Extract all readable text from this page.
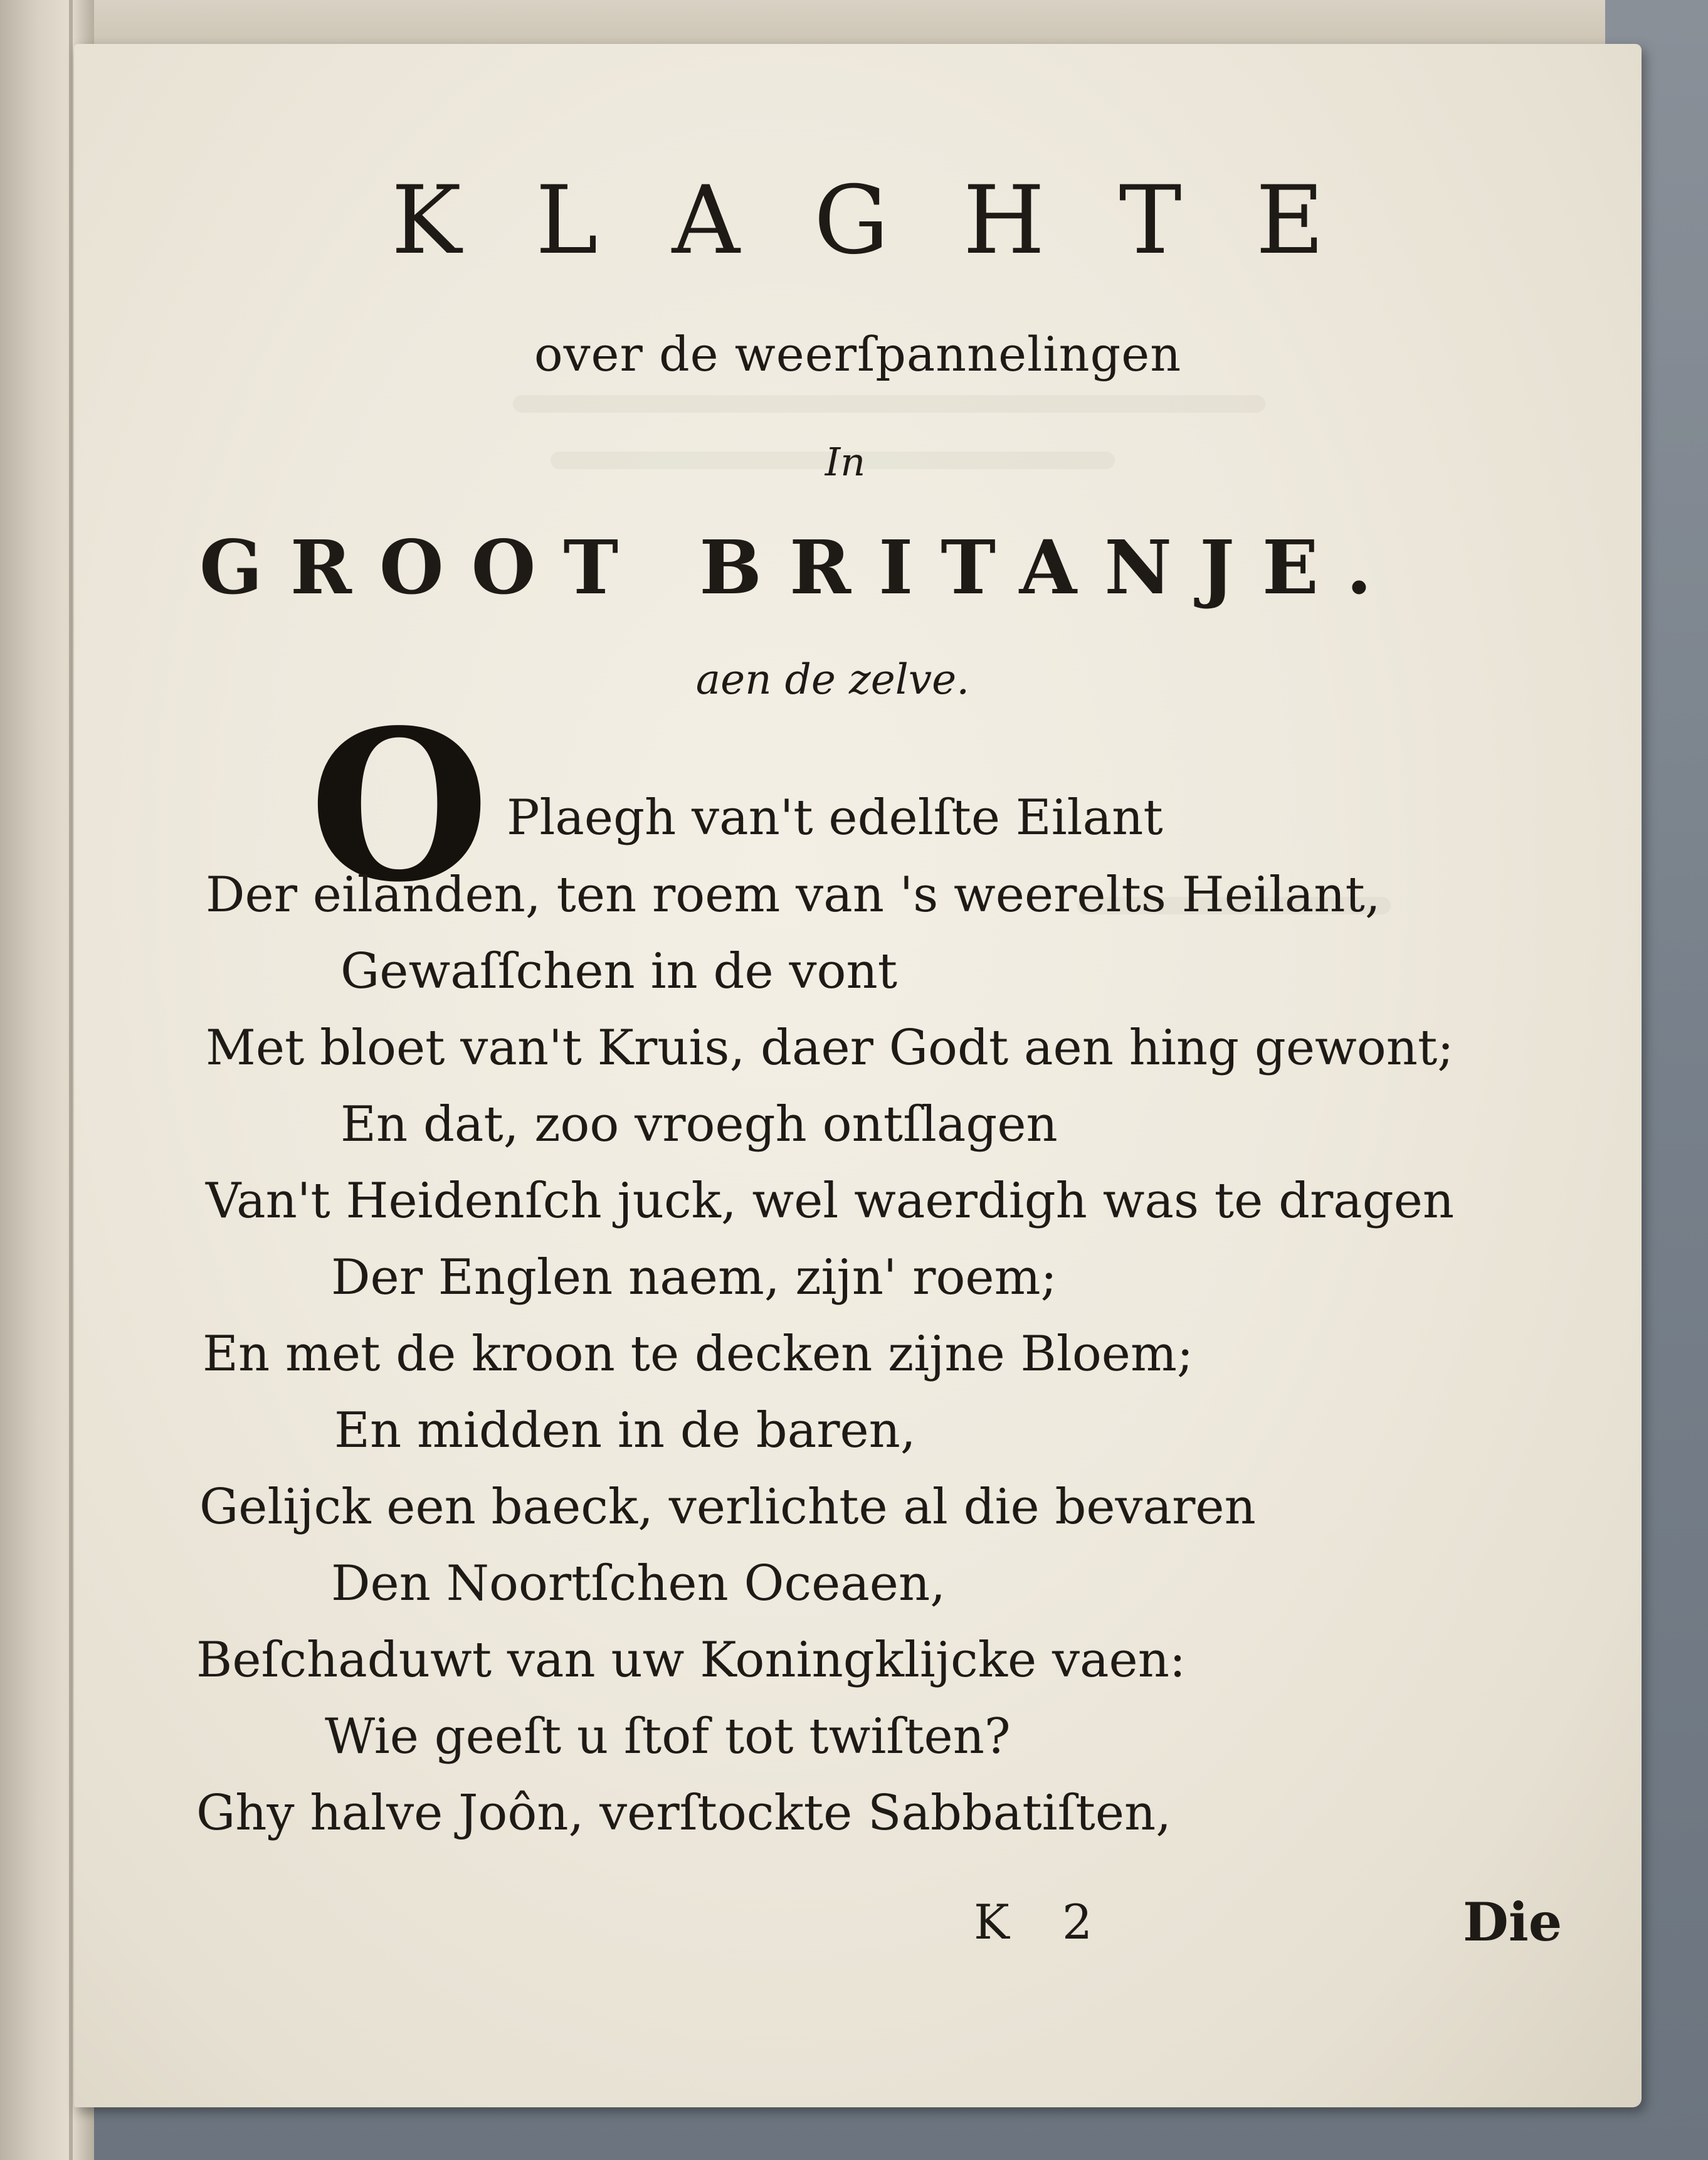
KLAGHTE
over de weerſpannelingen
In
GROOT BRITANJE.
aen de zelve.
O Plaegh van't edelſte Eilant
Der eilanden, ten roem van 's weerelts Heilant,
Gewaſſchen in de vont
Met bloet van't Kruis, daer Godt aen hing gewont;
En dat, zoo vroegh ontſlagen
Van't Heidenſch juck, wel waerdigh was te dragen
Der Englen naem, zijn' roem;
En met de kroon te decken zijne Bloem;
En midden in de baren,
Gelijck een baeck, verlichte al die bevaren
Den Noortſchen Oceaen,
Beſchaduwt van uw Koningklijcke vaen:
Wie geeſt u ſtof tot twiſten?
Ghy halve Joôn, verſtockte Sabbatiſten,
K 2	Die
